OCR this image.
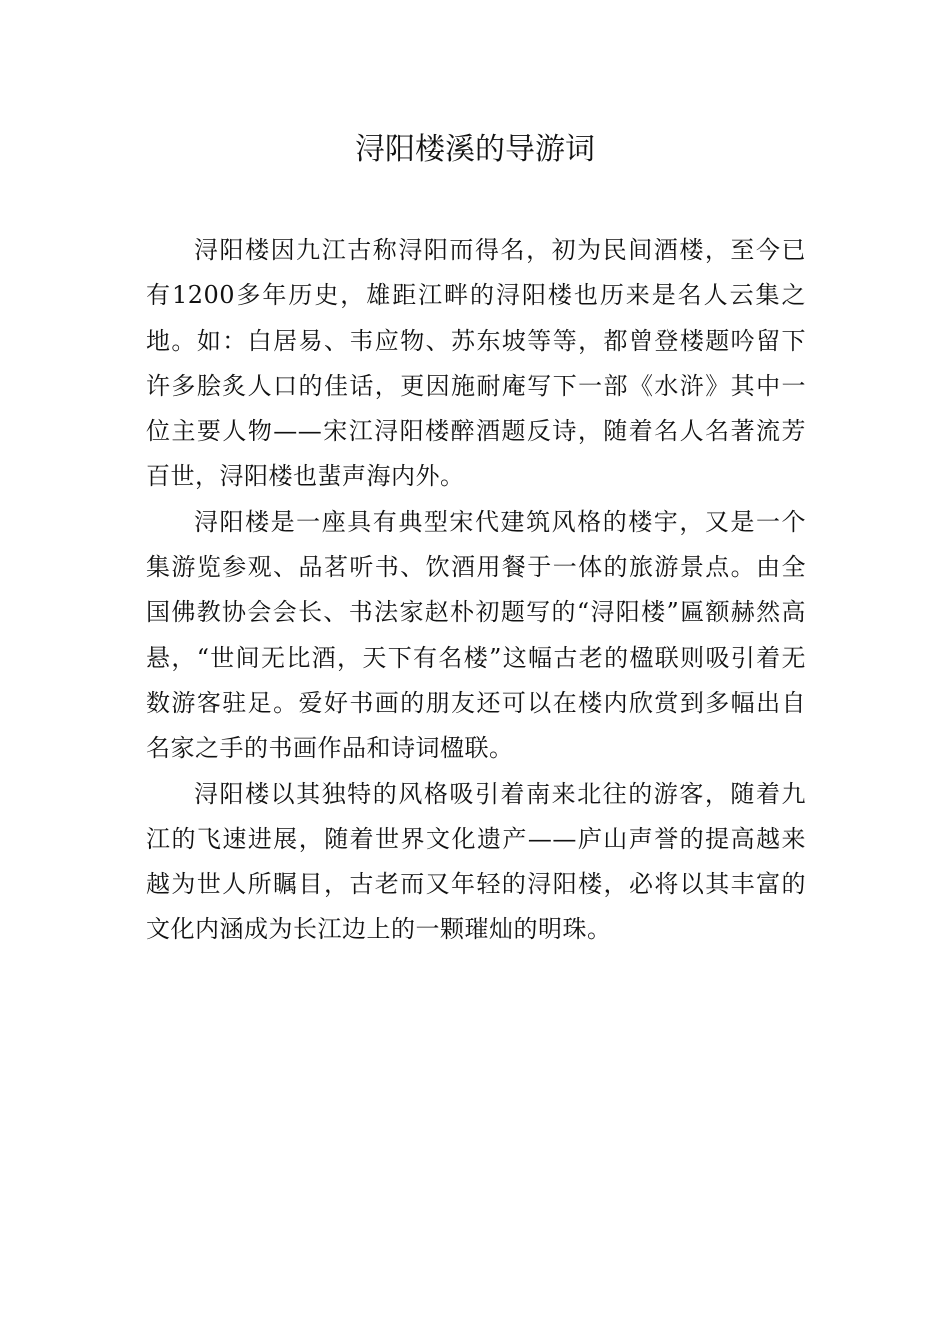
浔阳楼溪的导游词

浔阳楼因九江古称浔阳而得名，初为民间酒楼，至今已有1200多年历史，雄距江畔的浔阳楼也历来是名人云集之地。如：白居易、韦应物、苏东坡等等，都曾登楼题吟留下许多脍炙人口的佳话，更因施耐庵写下一部《水浒》其中一位主要人物——宋江浔阳楼醉酒题反诗，随着名人名著流芳百世，浔阳楼也蜚声海内外。

浔阳楼是一座具有典型宋代建筑风格的楼宇，又是一个集游览参观、品茗听书、饮酒用餐于一体的旅游景点。由全国佛教协会会长、书法家赵朴初题写的“浔阳楼”匾额赫然高悬，“世间无比酒，天下有名楼”这幅古老的楹联则吸引着无数游客驻足。爱好书画的朋友还可以在楼内欣赏到多幅出自名家之手的书画作品和诗词楹联。

浔阳楼以其独特的风格吸引着南来北往的游客，随着九江的飞速进展，随着世界文化遗产——庐山声誉的提高越来越为世人所瞩目，古老而又年轻的浔阳楼，必将以其丰富的文化内涵成为长江边上的一颗璀灿的明珠。
